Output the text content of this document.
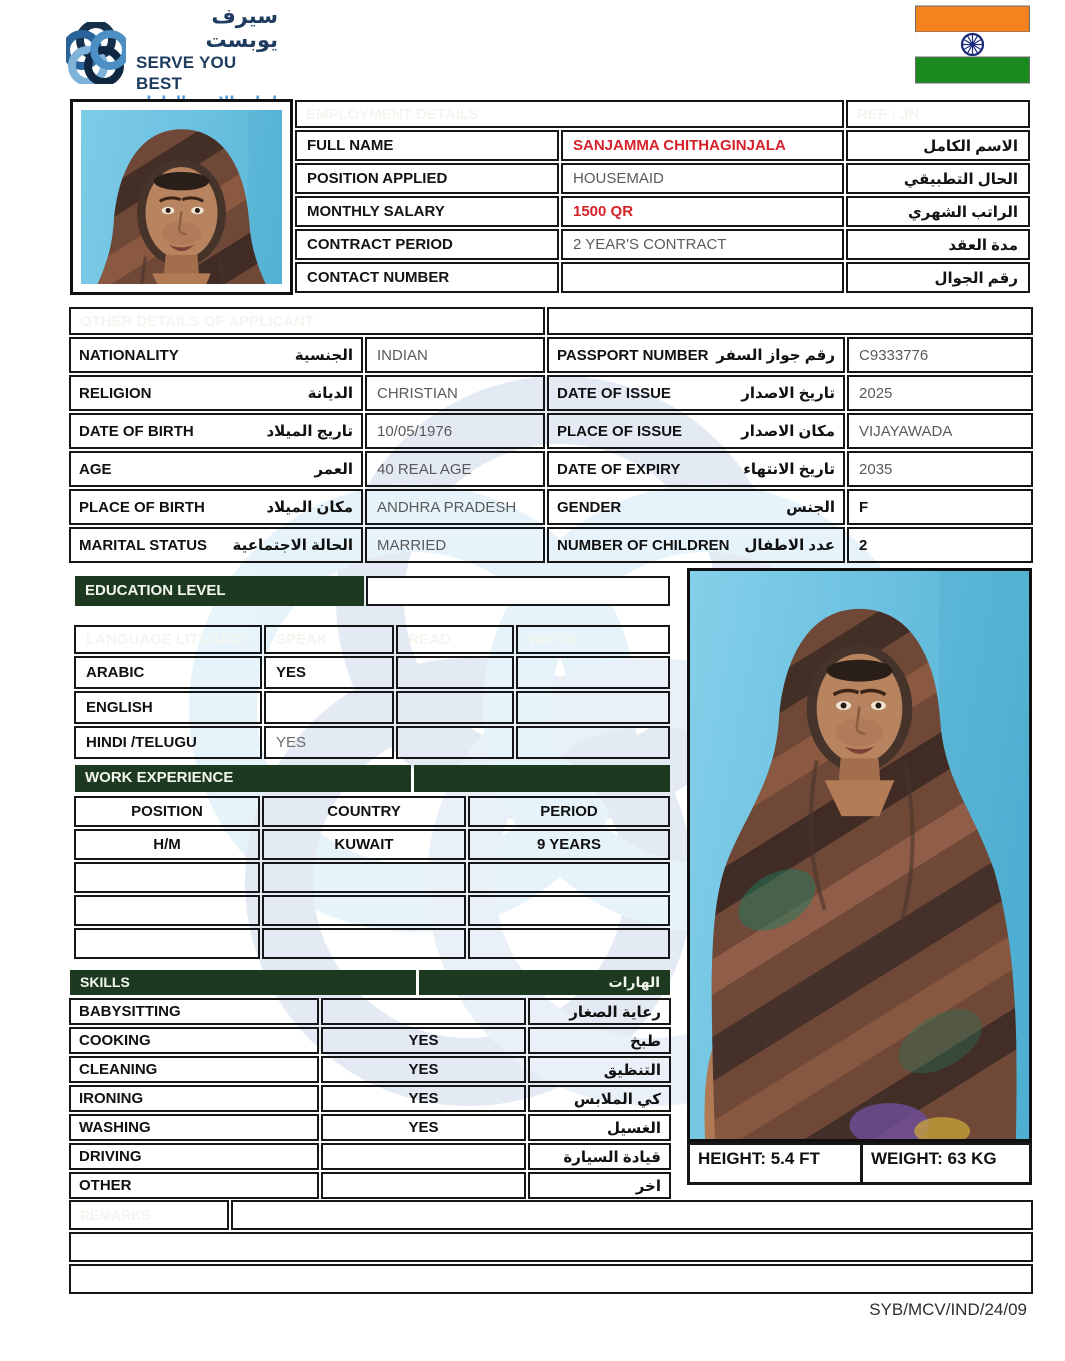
سيرف يوبست
SERVE YOU BEST
EMPLOYMENT DETAILS		REF : JN
FULL NAME	SANJAMMA CHITHAGINJALA	الاسم الكامل
POSITION APPLIED	HOUSEMAID	الحال التطبيقي
MONTHLY SALARY	1500 QR	الراتب الشهري
CONTRACT PERIOD	2 YEAR'S CONTRACT	مدة العقد
CONTACT NUMBER		رقم الجوال
OTHER DETAILS OF APPLICANT			

NATIONALITY الجنسية	INDIAN	PASSPORT NUMBER رقم جواز السفر	C9333776

RELIGION الديانة	CHRISTIAN	DATE OF ISSUE تاريخ الاصدار	2025

DATE OF BIRTH تاريج الميلاد	10/05/1976	PLACE OF ISSUE مكان الاصدار	VIJAYAWADA

AGE العمر	40 REAL AGE	DATE OF EXPIRY تاريخ الانتهاء	2035

PLACE OF BIRTH مكان الميلاد	ANDHRA PRADESH	GENDER الجنس	F

MARITAL STATUS الحالة الاجتماعية	MARRIED	NUMBER OF CHILDREN عدد الاطفال	2
EDUCATION LEVEL
LANGUAGE LITERACY	SPEAK	READ	WRITE
ARABIC	YES		
ENGLISH			
HINDI /TELUGU	YES		
WORK EXPERIENCE
POSITION	COUNTRY	PERIOD
H/M	KUWAIT	9 YEARS

SKILLS	الهارات
BABYSITTING		رعاية الصغار
COOKING	YES	طبخ
CLEANING	YES	التنظيق
IRONING	YES	كي الملابس
WASHING	YES	الغسيل
DRIVING		قيادة السيارة
OTHER		اخر
HEIGHT: 5.4 FT	WEIGHT: 63 KG
REMARKS	

SYB/MCV/IND/24/09
